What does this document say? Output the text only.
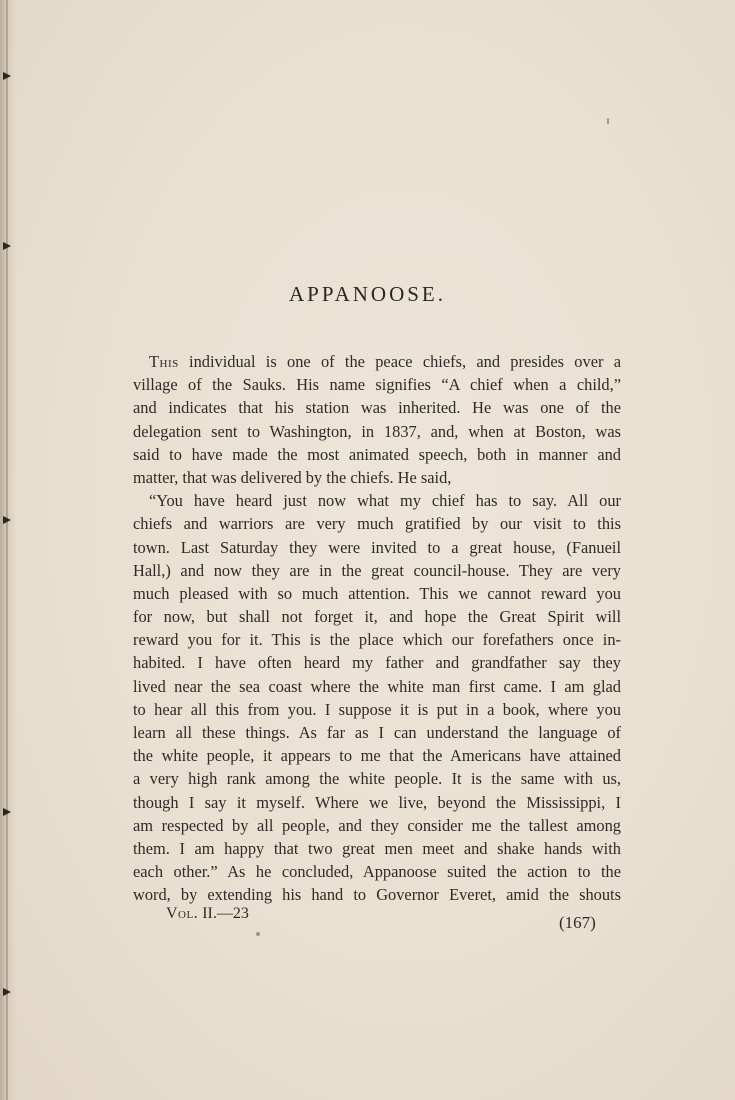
APPANOOSE.
This individual is one of the peace chiefs, and presides over a
village of the Sauks. His name signifies “A chief when a child,”
and indicates that his station was inherited. He was one of the
delegation sent to Washington, in 1837, and, when at Boston, was
said to have made the most animated speech, both in manner and
matter, that was delivered by the chiefs. He said,
“You have heard just now what my chief has to say. All our
chiefs and warriors are very much gratified by our visit to this
town. Last Saturday they were invited to a great house, (Fanueil
Hall,) and now they are in the great council-house. They are very
much pleased with so much attention. This we cannot reward you
for now, but shall not forget it, and hope the Great Spirit will
reward you for it. This is the place which our forefathers once in-
habited. I have often heard my father and grandfather say they
lived near the sea coast where the white man first came. I am glad
to hear all this from you. I suppose it is put in a book, where you
learn all these things. As far as I can understand the language of
the white people, it appears to me that the Americans have attained
a very high rank among the white people. It is the same with us,
though I say it myself. Where we live, beyond the Mississippi, I
am respected by all people, and they consider me the tallest among
them. I am happy that two great men meet and shake hands with
each other.” As he concluded, Appanoose suited the action to the
word, by extending his hand to Governor Everet, amid the shouts
Vol. II.—23	(167)
